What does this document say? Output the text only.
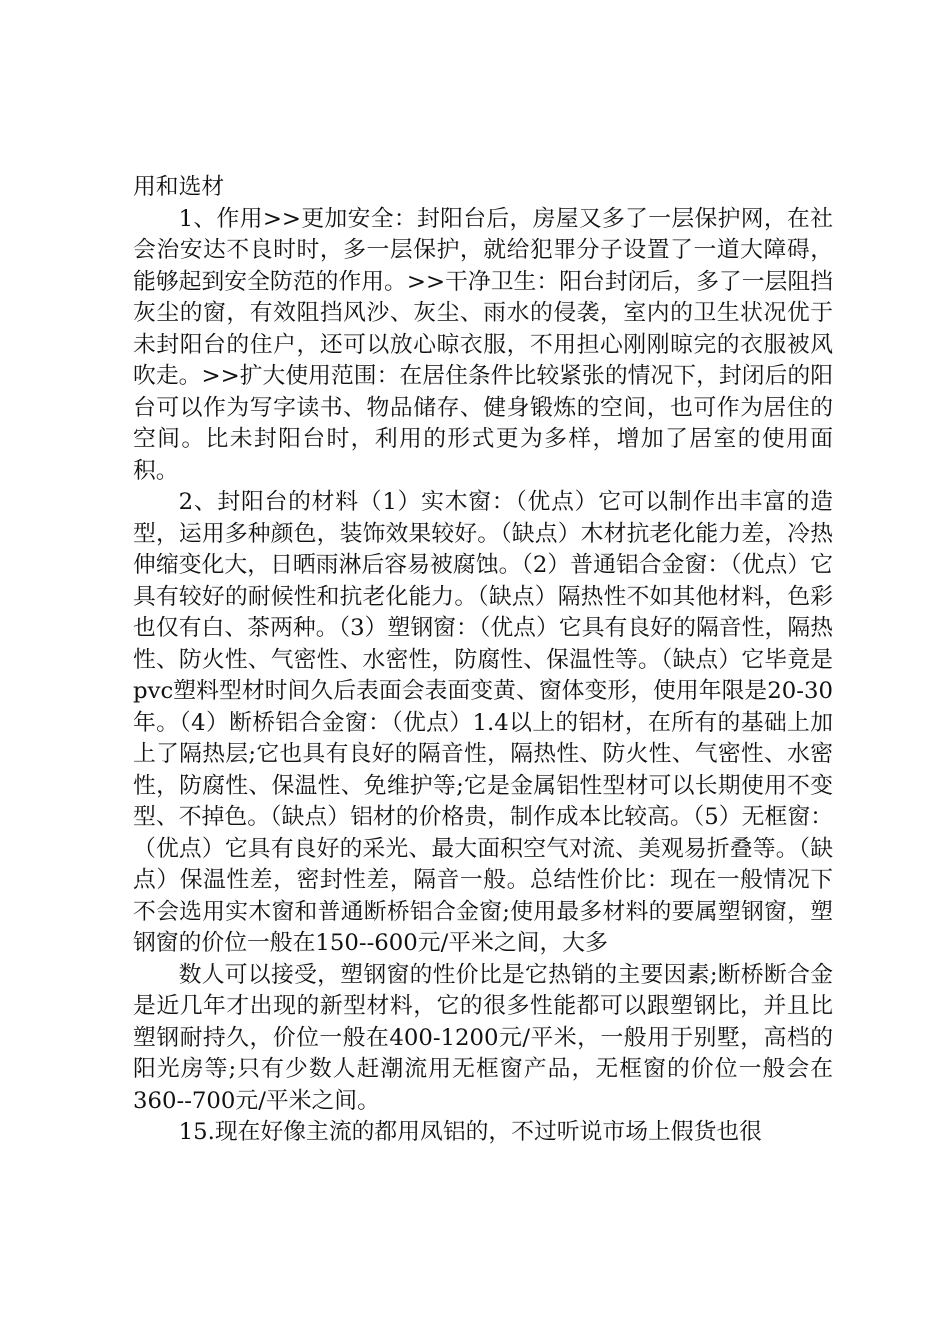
用和选材

1、作用>>更加安全：封阳台后，房屋又多了一层保护网，在社会治安达不良时时，多一层保护，就给犯罪分子设置了一道大障碍，能够起到安全防范的作用。>>干净卫生：阳台封闭后，多了一层阻挡灰尘的窗，有效阻挡风沙、灰尘、雨水的侵袭，室内的卫生状况优于未封阳台的住户，还可以放心晾衣服，不用担心刚刚晾完的衣服被风吹走。>>扩大使用范围：在居住条件比较紧张的情况下，封闭后的阳台可以作为写字读书、物品储存、健身锻炼的空间，也可作为居住的空间。比未封阳台时，利用的形式更为多样，增加了居室的使用面积。

2、封阳台的材料（1）实木窗：（优点）它可以制作出丰富的造型，运用多种颜色，装饰效果较好。（缺点）木材抗老化能力差，冷热伸缩变化大，日晒雨淋后容易被腐蚀。（2）普通铝合金窗：（优点）它具有较好的耐候性和抗老化能力。（缺点）隔热性不如其他材料，色彩也仅有白、茶两种。（3）塑钢窗：（优点）它具有良好的隔音性，隔热性、防火性、气密性、水密性，防腐性、保温性等。（缺点）它毕竟是pvc塑料型材时间久后表面会表面变黄、窗体变形，使用年限是20-30年。（4）断桥铝合金窗：（优点）1.4以上的铝材，在所有的基础上加上了隔热层;它也具有良好的隔音性，隔热性、防火性、气密性、水密性，防腐性、保温性、免维护等;它是金属铝性型材可以长期使用不变型、不掉色。（缺点）铝材的价格贵，制作成本比较高。（5）无框窗：（优点）它具有良好的采光、最大面积空气对流、美观易折叠等。（缺点）保温性差，密封性差，隔音一般。总结性价比：现在一般情况下不会选用实木窗和普通断桥铝合金窗;使用最多材料的要属塑钢窗，塑钢窗的价位一般在150--600元/平米之间，大多

数人可以接受，塑钢窗的性价比是它热销的主要因素;断桥断合金是近几年才出现的新型材料，它的很多性能都可以跟塑钢比，并且比塑钢耐持久，价位一般在400-1200元/平米，一般用于别墅，高档的阳光房等;只有少数人赶潮流用无框窗产品，无框窗的价位一般会在360--700元/平米之间。

15.现在好像主流的都用凤铝的，不过听说市场上假货也很
